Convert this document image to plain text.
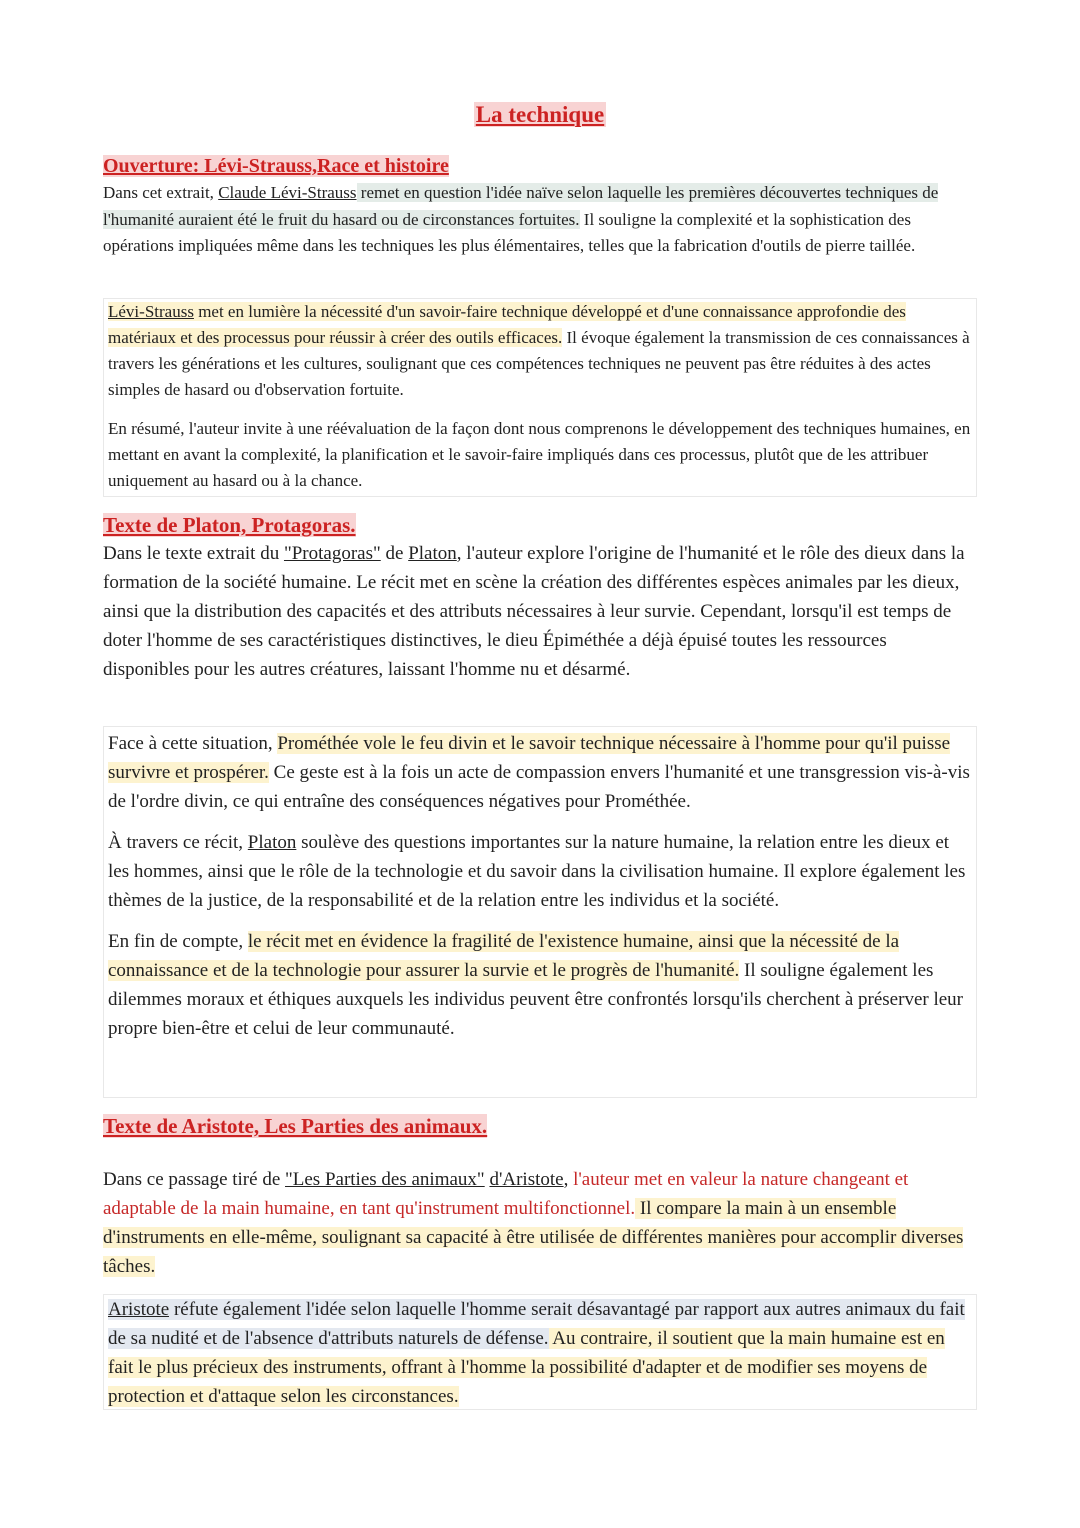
La technique
Ouverture: Lévi-Strauss,Race et histoire

Dans cet extrait, Claude Lévi-Strauss remet en question l'idée naïve selon laquelle les premières découvertes techniques de l'humanité auraient été le fruit du hasard ou de circonstances fortuites. Il souligne la complexité et la sophistication des opérations impliquées même dans les techniques les plus élémentaires, telles que la fabrication d'outils de pierre taillée.

Lévi-Strauss met en lumière la nécessité d'un savoir-faire technique développé et d'une connaissance approfondie des matériaux et des processus pour réussir à créer des outils efficaces. Il évoque également la transmission de ces connaissances à travers les générations et les cultures, soulignant que ces compétences techniques ne peuvent pas être réduites à des actes simples de hasard ou d'observation fortuite.

En résumé, l'auteur invite à une réévaluation de la façon dont nous comprenons le développement des techniques humaines, en mettant en avant la complexité, la planification et le savoir-faire impliqués dans ces processus, plutôt que de les attribuer uniquement au hasard ou à la chance.

Texte de Platon, Protagoras.

Dans le texte extrait du "Protagoras" de Platon, l'auteur explore l'origine de l'humanité et le rôle des dieux dans la formation de la société humaine. Le récit met en scène la création des différentes espèces animales par les dieux, ainsi que la distribution des capacités et des attributs nécessaires à leur survie. Cependant, lorsqu'il est temps de doter l'homme de ses caractéristiques distinctives, le dieu Épiméthée a déjà épuisé toutes les ressources disponibles pour les autres créatures, laissant l'homme nu et désarmé.

Face à cette situation, Prométhée vole le feu divin et le savoir technique nécessaire à l'homme pour qu'il puisse survivre et prospérer. Ce geste est à la fois un acte de compassion envers l'humanité et une transgression vis-à-vis de l'ordre divin, ce qui entraîne des conséquences négatives pour Prométhée.

À travers ce récit, Platon soulève des questions importantes sur la nature humaine, la relation entre les dieux et les hommes, ainsi que le rôle de la technologie et du savoir dans la civilisation humaine. Il explore également les thèmes de la justice, de la responsabilité et de la relation entre les individus et la société.

En fin de compte, le récit met en évidence la fragilité de l'existence humaine, ainsi que la nécessité de la connaissance et de la technologie pour assurer la survie et le progrès de l'humanité. Il souligne également les dilemmes moraux et éthiques auxquels les individus peuvent être confrontés lorsqu'ils cherchent à préserver leur propre bien-être et celui de leur communauté.

Texte de Aristote, Les Parties des animaux.

Dans ce passage tiré de "Les Parties des animaux" d'Aristote, l'auteur met en valeur la nature changeant et adaptable de la main humaine, en tant qu'instrument multifonctionnel. Il compare la main à un ensemble d'instruments en elle-même, soulignant sa capacité à être utilisée de différentes manières pour accomplir diverses tâches.

Aristote réfute également l'idée selon laquelle l'homme serait désavantagé par rapport aux autres animaux du fait de sa nudité et de l'absence d'attributs naturels de défense. Au contraire, il soutient que la main humaine est en fait le plus précieux des instruments, offrant à l'homme la possibilité d'adapter et de modifier ses moyens de protection et d'attaque selon les circonstances.
